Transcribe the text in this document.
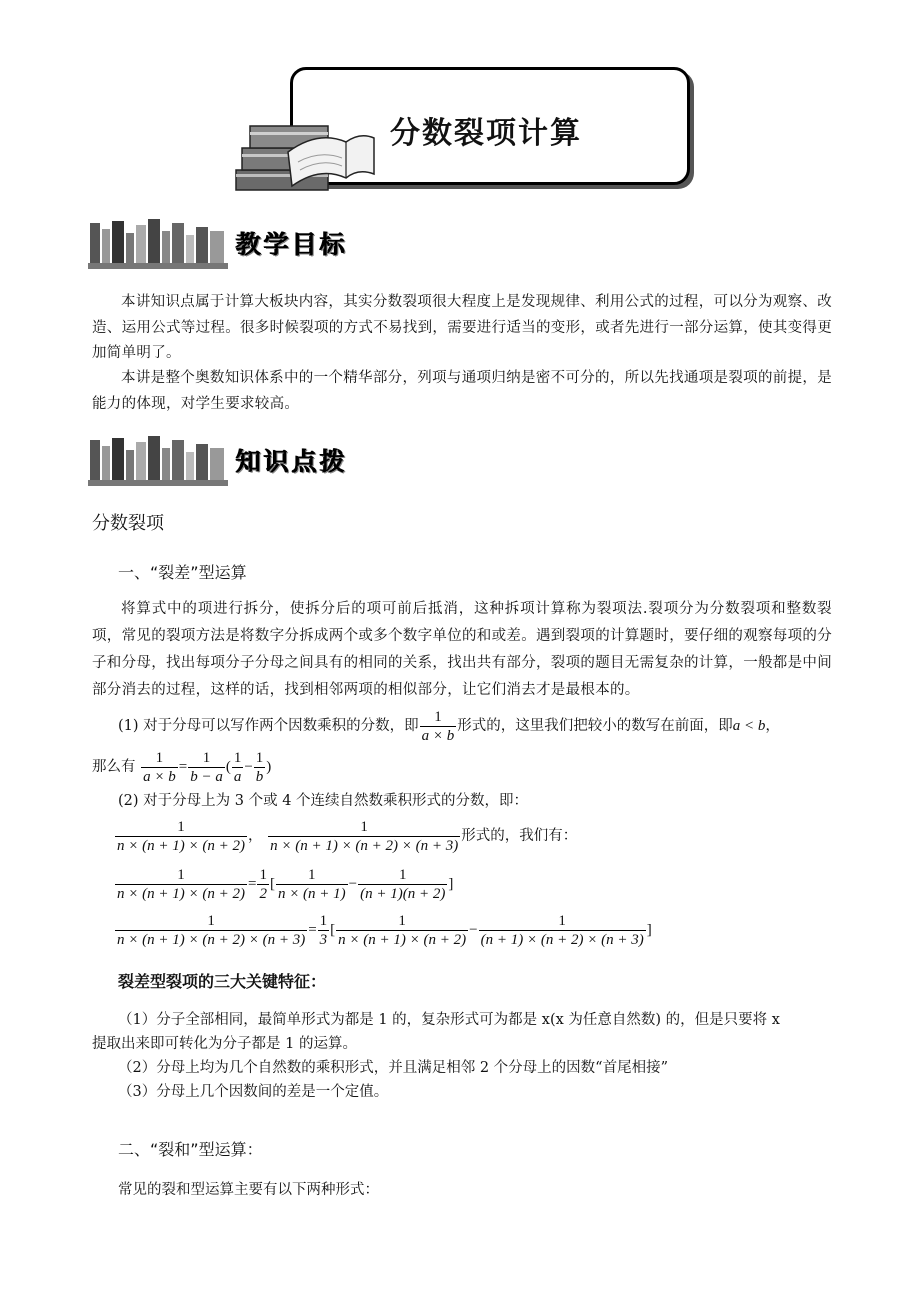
分数裂项计算
教学目标
本讲知识点属于计算大板块内容，其实分数裂项很大程度上是发现规律、利用公式的过程，可以分为观察、改造、运用公式等过程。很多时候裂项的方式不易找到，需要进行适当的变形，或者先进行一部分运算，使其变得更加简单明了。
本讲是整个奥数知识体系中的一个精华部分，列项与通项归纳是密不可分的，所以先找通项是裂项的前提，是能力的体现，对学生要求较高。
知识点拨
分数裂项
一、“裂差”型运算
将算式中的项进行拆分，使拆分后的项可前后抵消，这种拆项计算称为裂项法.裂项分为分数裂项和整数裂项，常见的裂项方法是将数字分拆成两个或多个数字单位的和或差。遇到裂项的计算题时，要仔细的观察每项的分子和分母，找出每项分子分母之间具有的相同的关系，找出共有部分，裂项的题目无需复杂的计算，一般都是中间部分消去的过程，这样的话，找到相邻两项的相似部分，让它们消去才是最根本的。
(1) 对于分母可以写作两个因数乘积的分数，即 $\frac{1}{a \times b}$ 形式的，这里我们把较小的数写在前面，即a < b，
那么有 $\frac{1}{a \times b} = \frac{1}{b - a}$ ( $\frac{1}{a} - \frac{1}{b}$ )
(2) 对于分母上为 3 个或 4 个连续自然数乘积形式的分数，即：
$\frac{1}{n \times (n + 1) \times (n + 2)}$ ， $\frac{1}{n \times (n + 1) \times (n + 2) \times (n + 3)}$ 形式的，我们有：
$\frac{1}{n \times (n + 1) \times (n + 2)} = \frac{1}{2}$ [ $\frac{1}{n \times (n + 1)} - \frac{1}{(n + 1)(n + 2)}$ ]
$\frac{1}{n \times (n + 1) \times (n + 2) \times (n + 3)} = \frac{1}{3}$ [ $\frac{1}{n \times (n + 1) \times (n + 2)} - \frac{1}{(n + 1) \times (n + 2) \times (n + 3)}$ ]
裂差型裂项的三大关键特征：
（1）分子全部相同，最简单形式为都是 1 的，复杂形式可为都是 x(x 为任意自然数) 的，但是只要将 x
提取出来即可转化为分子都是 1 的运算。
（2）分母上均为几个自然数的乘积形式，并且满足相邻 2 个分母上的因数“首尾相接”
（3）分母上几个因数间的差是一个定值。
二、“裂和”型运算：
常见的裂和型运算主要有以下两种形式：
